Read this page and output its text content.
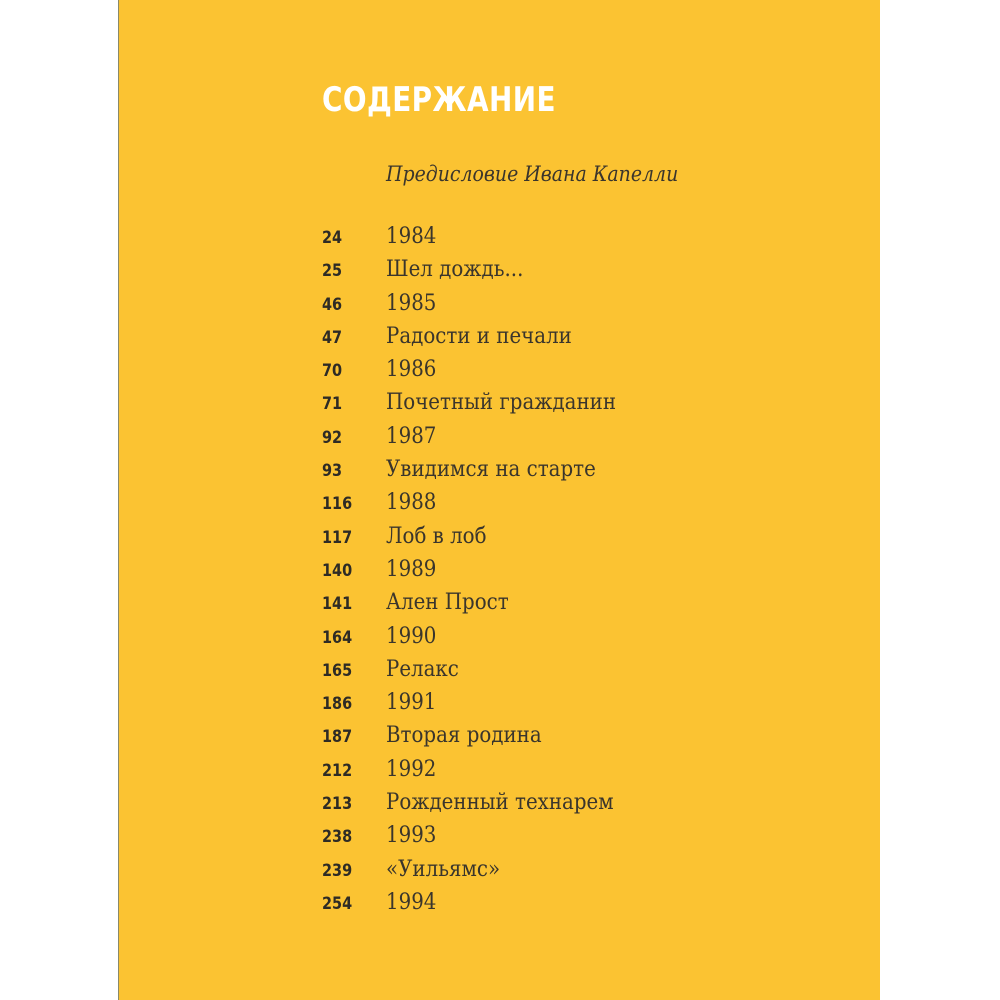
СОДЕРЖАНИЕ
Предисловие Ивана Капелли
24	1984
25	Шел дождь...
46	1985
47	Радости и печали
70	1986
71	Почетный гражданин
92	1987
93	Увидимся на старте
116	1988
117	Лоб в лоб
140	1989
141	Ален Прост
164	1990
165	Релакс
186	1991
187	Вторая родина
212	1992
213	Рожденный технарем
238	1993
239	«Уильямс»
254	1994
